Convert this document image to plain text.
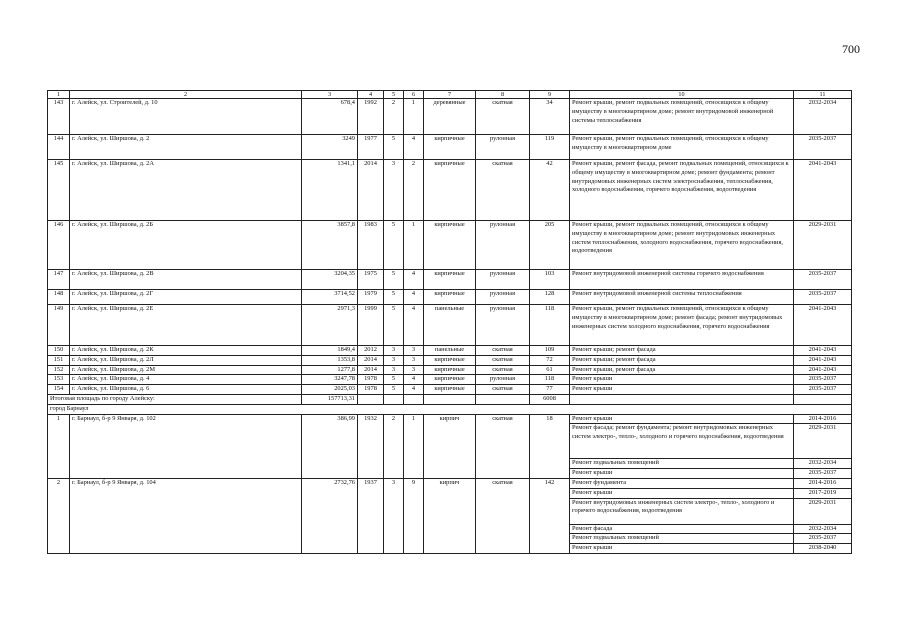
700
1	2	3	4	5	6	7	8	9	10	11
143	г. Алейск, ул. Строителей, д. 10	678,4	1992	2	1	деревянные	скатная	34	Ремонт крыши, ремонт подвальных помещений, относящихся к общему имуществу в многоквартирном доме; ремонт внутридомовой инженерной системы теплоснабжения	2032-2034
144	г. Алейск, ул. Ширшова, д. 2	3249	1977	5	4	кирпичные	рулонная	119	Ремонт крыши, ремонт подвальных помещений, относящихся к общему имуществу в многоквартирном доме	2035-2037
145	г. Алейск, ул. Ширшова, д. 2А	1341,1	2014	3	2	кирпичные	скатная	42	Ремонт крыши, ремонт фасада, ремонт подвальных помещений, относящихся к общему имуществу в многоквартирном доме; ремонт фундамента; ремонт внутридомовых инженерных систем электроснабжения, теплоснабжения, холодного водоснабжения, горячего водоснабжения, водоотведения	2041-2043
146	г. Алейск, ул. Ширшова, д. 2Б	3857,8	1983	5	1	кирпичные	рулонная	205	Ремонт крыши, ремонт подвальных помещений, относящихся к общему имуществу в многоквартирном доме; ремонт внутридомовых инженерных систем теплоснабжения, холодного водоснабжения, горячего водоснабжения, водоотведения	2029-2031
147	г. Алейск, ул. Ширшова, д. 2В	3204,35	1975	5	4	кирпичные	рулонная	103	Ремонт внутридомовой инженерной системы горячего водоснабжения	2035-2037
148	г. Алейск, ул. Ширшова, д. 2Г	3714,52	1979	5	4	кирпичные	рулонная	128	Ремонт внутридомовой инженерной системы теплоснабжения	2035-2037
149	г. Алейск, ул. Ширшова, д. 2Е	2971,3	1999	5	4	панельные	рулонная	118	Ремонт крыши, ремонт подвальных помещений, относящихся к общему имуществу в многоквартирном доме; ремонт фасада; ремонт внутридомовых инженерных систем холодного водоснабжения, горячего водоснабжения	2041-2043
150	г. Алейск, ул. Ширшова, д. 2К	1849,4	2012	3	3	панельные	скатная	109	Ремонт крыши; ремонт фасада	2041-2043
151	г. Алейск, ул. Ширшова, д. 2Л	1353,8	2014	3	3	кирпичные	скатная	72	Ремонт крыши; ремонт фасада	2041-2043
152	г. Алейск, ул. Ширшова, д. 2М	1277,8	2014	3	3	кирпичные	скатная	61	Ремонт крыши, ремонт фасада	2041-2043
153	г. Алейск, ул. Ширшова, д. 4	3247,78	1978	5	4	кирпичные	рулонная	118	Ремонт крыши	2035-2037
154	г. Алейск, ул. Ширшова, д. 6	2025,03	1978	5	4	кирпичные	скатная	77	Ремонт крыши	2035-2037
Итоговая площадь по городу Алейску:		157713,31						6008		
город Барнаул										
1	г. Барнаул, б-р 9 Января, д. 102	386,99	1932	2	1	кирпич	скатная	18	Ремонт крыши	2014-2016
									Ремонт фасада; ремонт фундамента; ремонт внутридомовых инженерных систем электро-, тепло-, холодного и горячего водоснабжения, водоотведения	2029-2031
									Ремонт подвальных помещений	2032-2034
									Ремонт крыши	2035-2037
2	г. Барнаул, б-р 9 Января, д. 104	2732,76	1937	3	9	кирпич	скатная	142	Ремонт фундамента	2014-2016
									Ремонт крыши	2017-2019
									Ремонт внутридомовых инженерных систем электро-, тепло-, холодного и горячего водоснабжения, водоотведения	2029-2031
									Ремонт фасада	2032-2034
									Ремонт подвальных помещений	2035-2037
									Ремонт крыши	2038-2040
